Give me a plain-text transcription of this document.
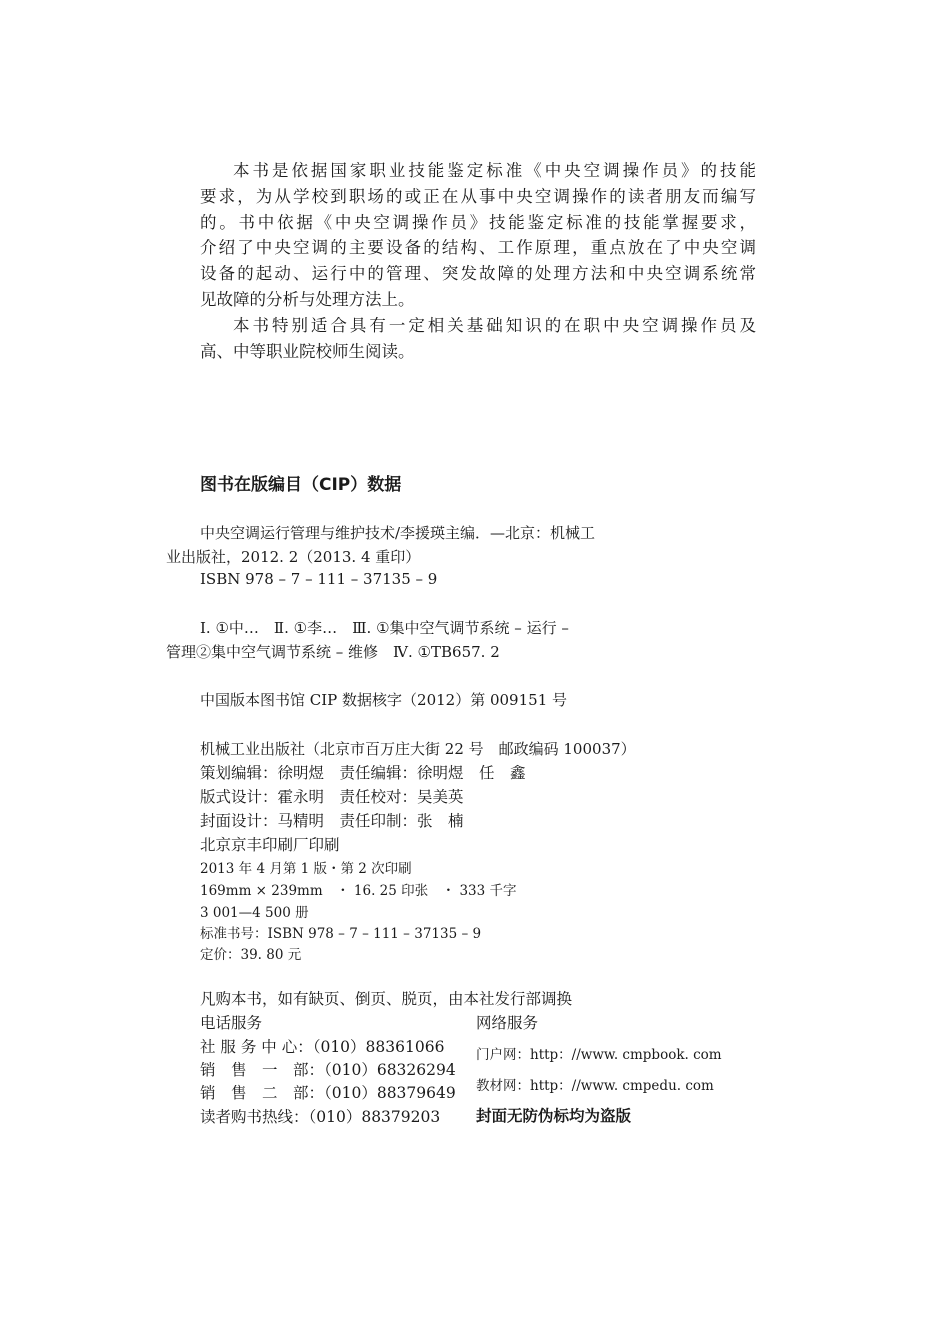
本书是依据国家职业技能鉴定标准《中央空调操作员》的技能
要求，为从学校到职场的或正在从事中央空调操作的读者朋友而编写
的。书中依据《中央空调操作员》技能鉴定标准的技能掌握要求，
介绍了中央空调的主要设备的结构、工作原理，重点放在了中央空调
设备的起动、运行中的管理、突发故障的处理方法和中央空调系统常
见故障的分析与处理方法上。
本书特别适合具有一定相关基础知识的在职中央空调操作员及
高、中等职业院校师生阅读。
图书在版编目（CIP）数据
中央空调运行管理与维护技术/李援瑛主编．—北京：机械工
业出版社，2012. 2（2013. 4 重印）
ISBN 978 – 7 – 111 – 37135 – 9
Ⅰ. ①中…　Ⅱ. ①李…　Ⅲ. ①集中空气调节系统 – 运行 –
管理②集中空气调节系统 – 维修　Ⅳ. ①TB657. 2
中国版本图书馆 CIP 数据核字（2012）第 009151 号
机械工业出版社（北京市百万庄大街 22 号　邮政编码 100037）
策划编辑：徐明煜　责任编辑：徐明煜　任　鑫
版式设计：霍永明　责任校对：吴美英
封面设计：马精明　责任印制：张　楠
北京京丰印刷厂印刷
2013 年 4 月第 1 版・第 2 次印刷
169mm × 239mm　・ 16. 25 印张　・ 333 千字
3 001—4 500 册
标准书号：ISBN 978 – 7 – 111 – 37135 – 9
定价：39. 80 元
凡购本书，如有缺页、倒页、脱页，由本社发行部调换
电话服务	网络服务
社 服 务 中 心：（010）88361066
销　售　一　部：（010）68326294
销　售　二　部：（010）88379649
读者购书热线：（010）88379203
门户网：http：//www. cmpbook. com
教材网：http：//www. cmpedu. com
封面无防伪标均为盗版
